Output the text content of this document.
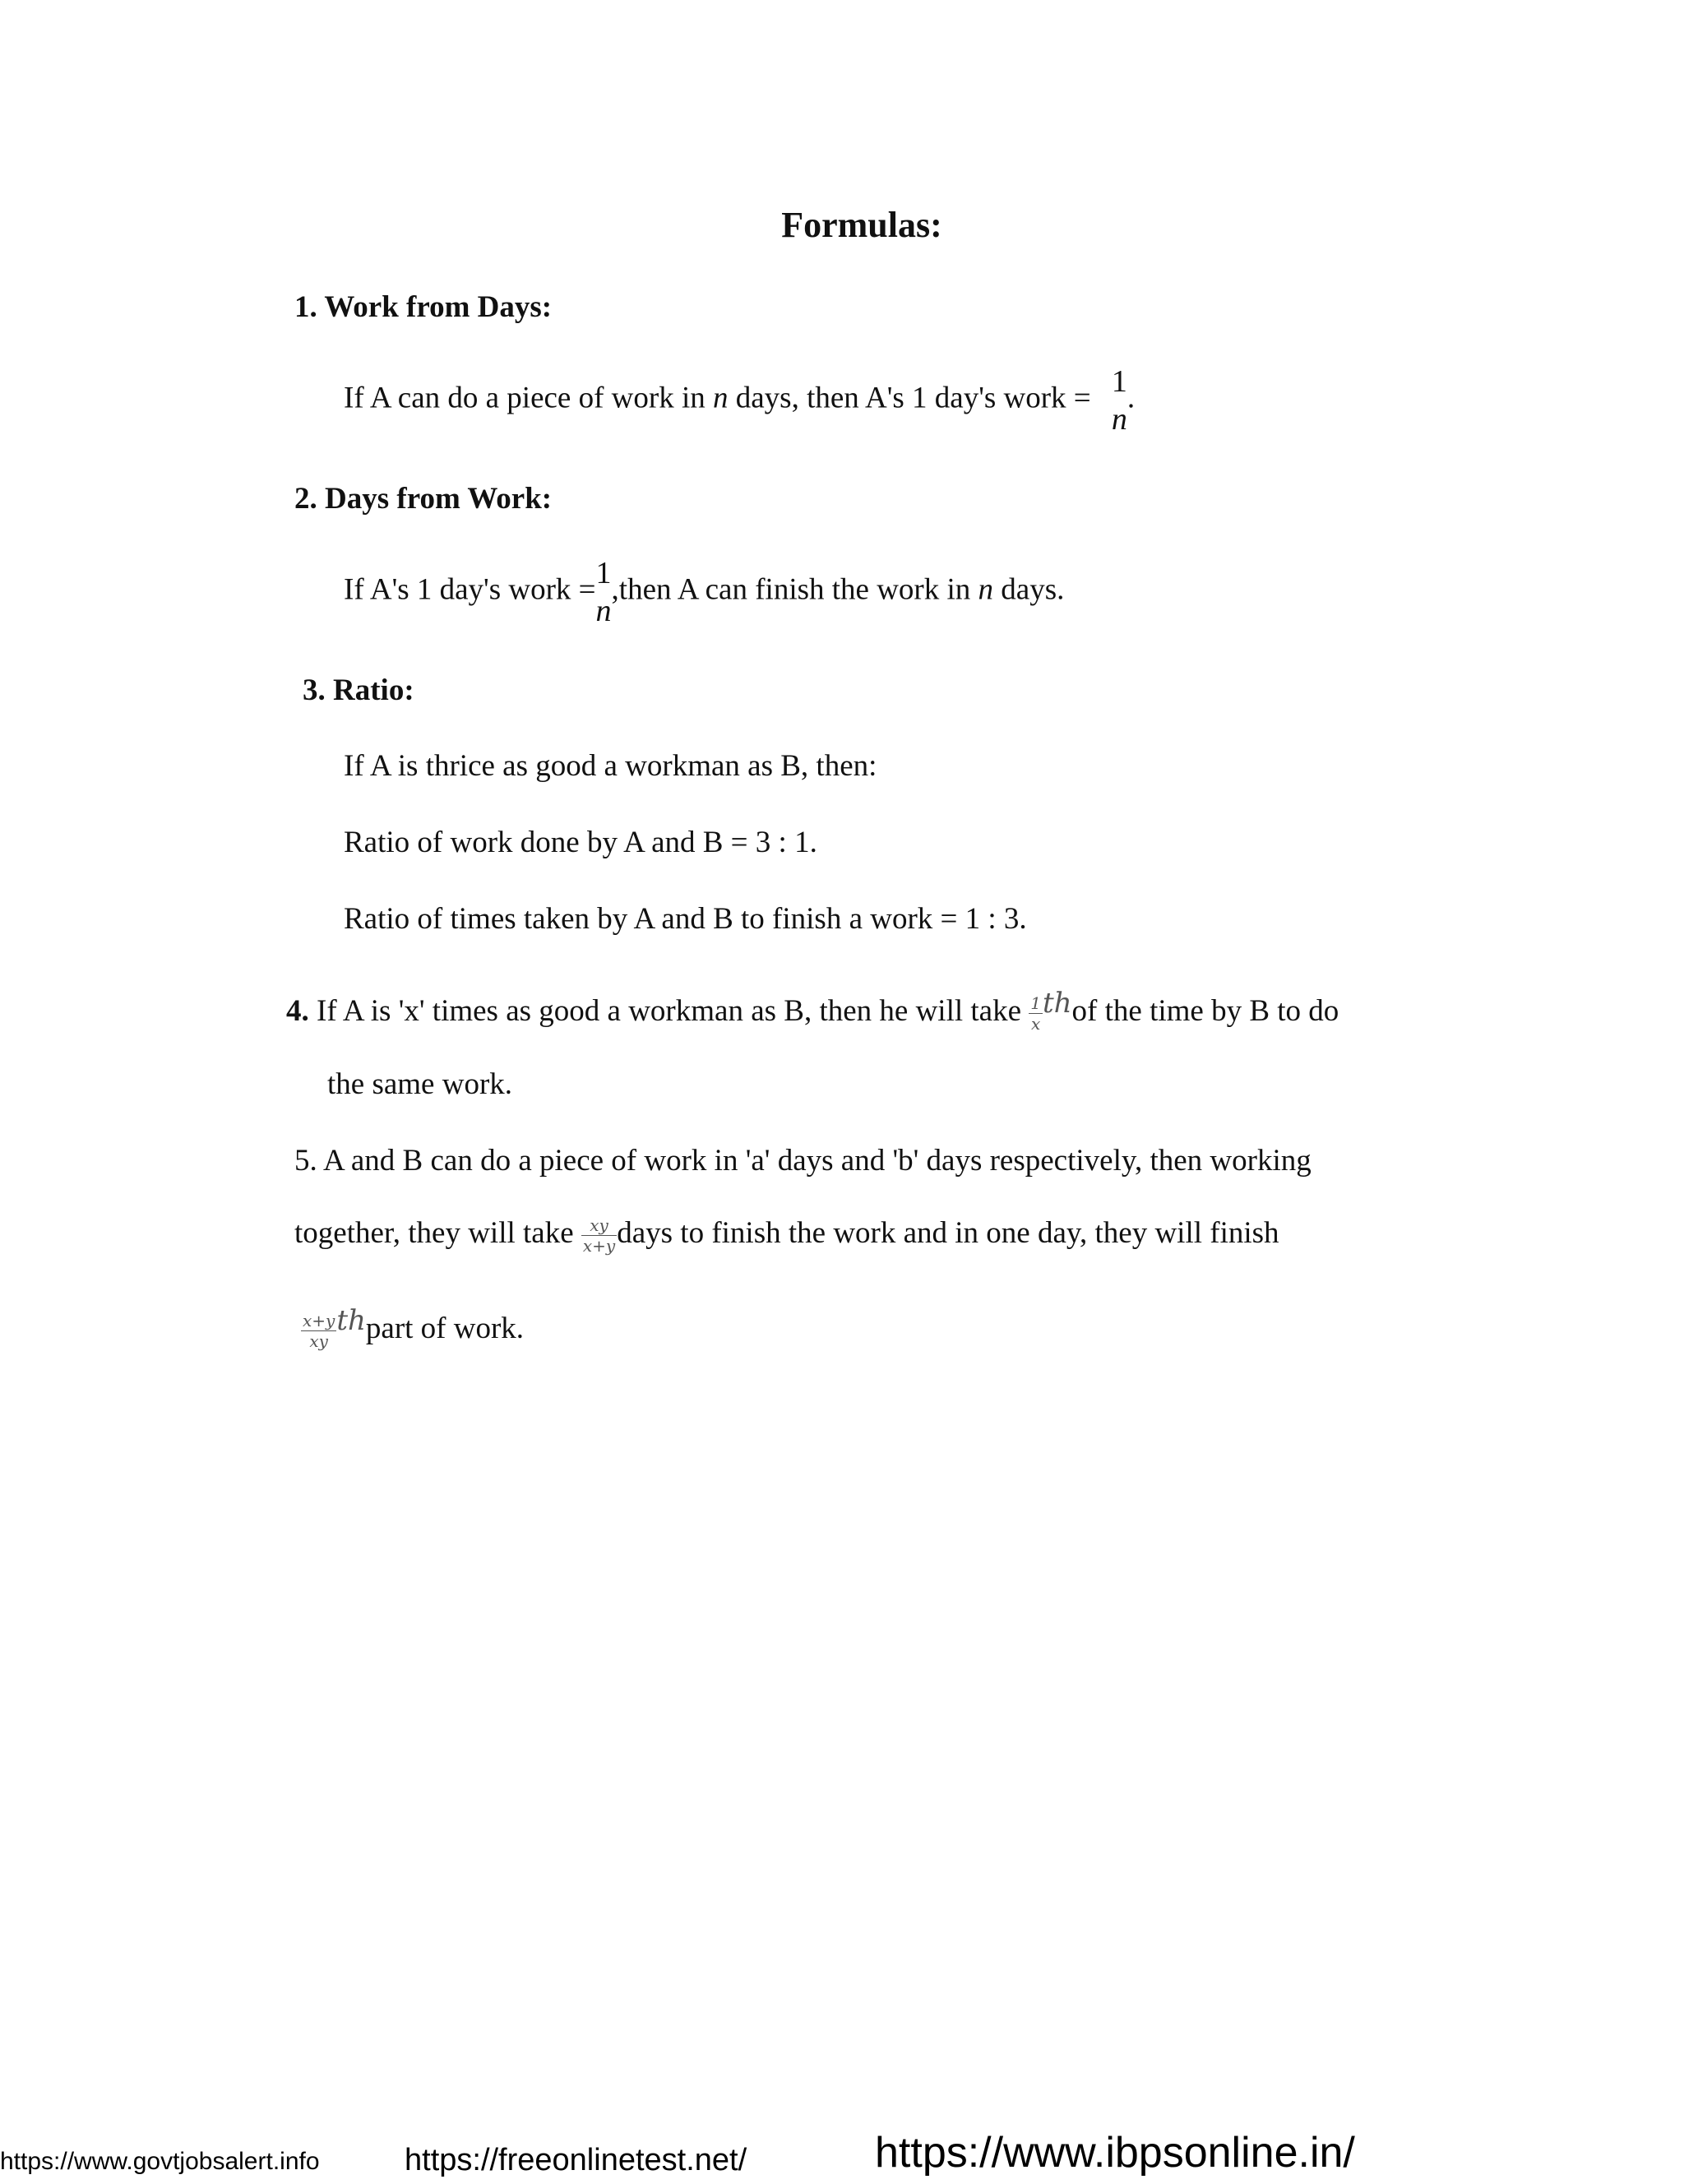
Formulas:
1. Work from Days:
If A can do a piece of work in n days, then A's 1 day's work = 1
n
.
2. Days from Work:
If A's 1 day's work = 1
n
,then A can finish the work in n days.
3. Ratio:
If A is thrice as good a workman as B, then:
Ratio of work done by A and B = 3 : 1.
Ratio of times taken by A and B to finish a work = 1 : 3.
4. If A is 'x' times as good a workman as B, then he will take $\frac{1}{x}$ thof the time by B to do
the same work.
5. A and B can do a piece of work in 'a' days and 'b' days respectively, then working
together, they will take $\frac{xy}{x+y}$ days to finish the work and in one day, they will finish
$\frac{x+y}{xy}$ thpart of work.
https://www.govtjobsalert.info	https://freeonlinetest.net/	https://www.ibpsonline.in/
